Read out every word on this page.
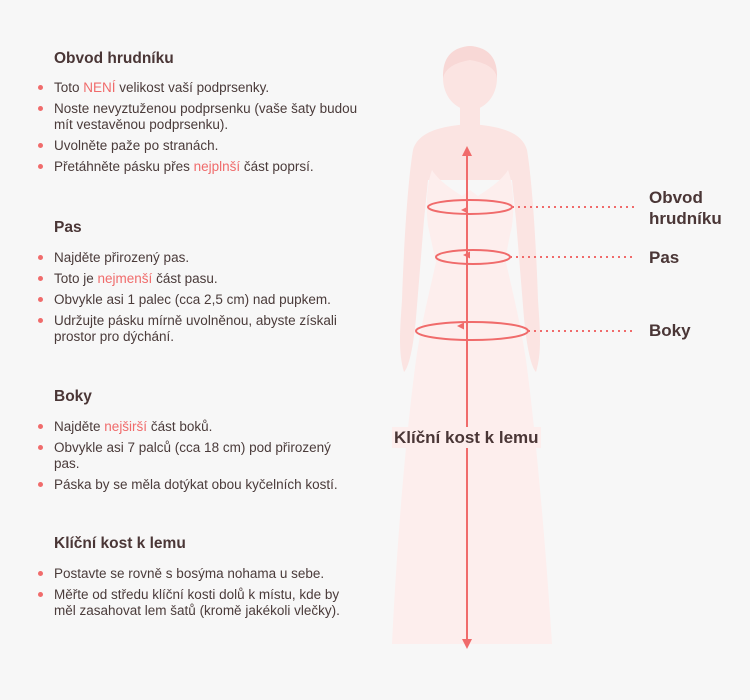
Obvod hrudníku
Toto NENÍ velikost vaší podprsenky.
Noste nevyztuženou podprsenku (vaše šaty budou mít vestavěnou podprsenku).
Uvolněte paže po stranách.
Přetáhněte pásku přes nejplnší část poprsí.
Pas
Najděte přirozený pas.
Toto je nejmenší část pasu.
Obvykle asi 1 palec (cca 2,5 cm) nad pupkem.
Udržujte pásku mírně uvolněnou, abyste získali prostor pro dýchání.
Boky
Najděte nejširší část boků.
Obvykle asi 7 palců (cca 18 cm) pod přirozený pas.
Páska by se měla dotýkat obou kyčelních kostí.
Klíční kost k lemu
Postavte se rovně s bosýma nohama u sebe.
Měřte od středu klíční kosti dolů k místu, kde by měl zasahovat lem šatů (kromě jakékoli vlečky).
Obvod
hrudníku
Pas
Boky
Klíční kost k lemu
